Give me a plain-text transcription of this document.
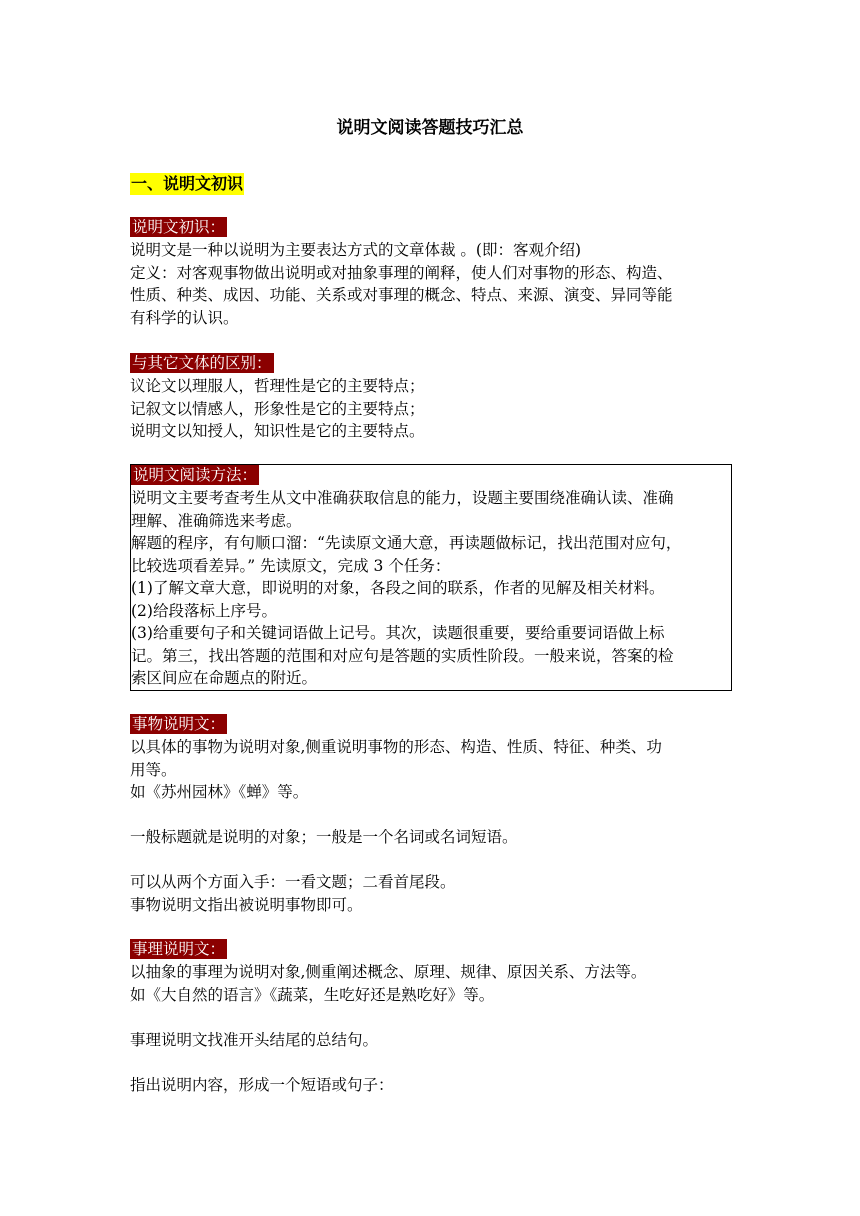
说明文阅读答题技巧汇总
一、说明文初识
说明文初识：
说明文是一种以说明为主要表达方式的文章体裁 。(即：客观介绍)
定义：对客观事物做出说明或对抽象事理的阐释，使人们对事物的形态、构造、
性质、种类、成因、功能、关系或对事理的概念、特点、来源、演变、异同等能
有科学的认识。
与其它文体的区别：
议论文以理服人，哲理性是它的主要特点；
记叙文以情感人，形象性是它的主要特点；
说明文以知授人，知识性是它的主要特点。
说明文阅读方法：
说明文主要考查考生从文中准确获取信息的能力，设题主要围绕准确认读、准确
理解、准确筛选来考虑。
解题的程序，有句顺口溜：“先读原文通大意，再读题做标记，找出范围对应句，
比较选项看差异。” 先读原文，完成 3 个任务：
(1)了解文章大意，即说明的对象，各段之间的联系，作者的见解及相关材料。
(2)给段落标上序号。
(3)给重要句子和关键词语做上记号。其次，读题很重要，要给重要词语做上标
记。第三，找出答题的范围和对应句是答题的实质性阶段。一般来说，答案的检
索区间应在命题点的附近。
事物说明文：
以具体的事物为说明对象,侧重说明事物的形态、构造、性质、特征、种类、功
用等。
如《苏州园林》《蝉》等。

一般标题就是说明的对象；一般是一个名词或名词短语。

可以从两个方面入手：一看文题；二看首尾段。
事物说明文指出被说明事物即可。
事理说明文：
以抽象的事理为说明对象,侧重阐述概念、原理、规律、原因关系、方法等。
如《大自然的语言》《蔬菜，生吃好还是熟吃好》等。

事理说明文找准开头结尾的总结句。

指出说明内容，形成一个短语或句子：
